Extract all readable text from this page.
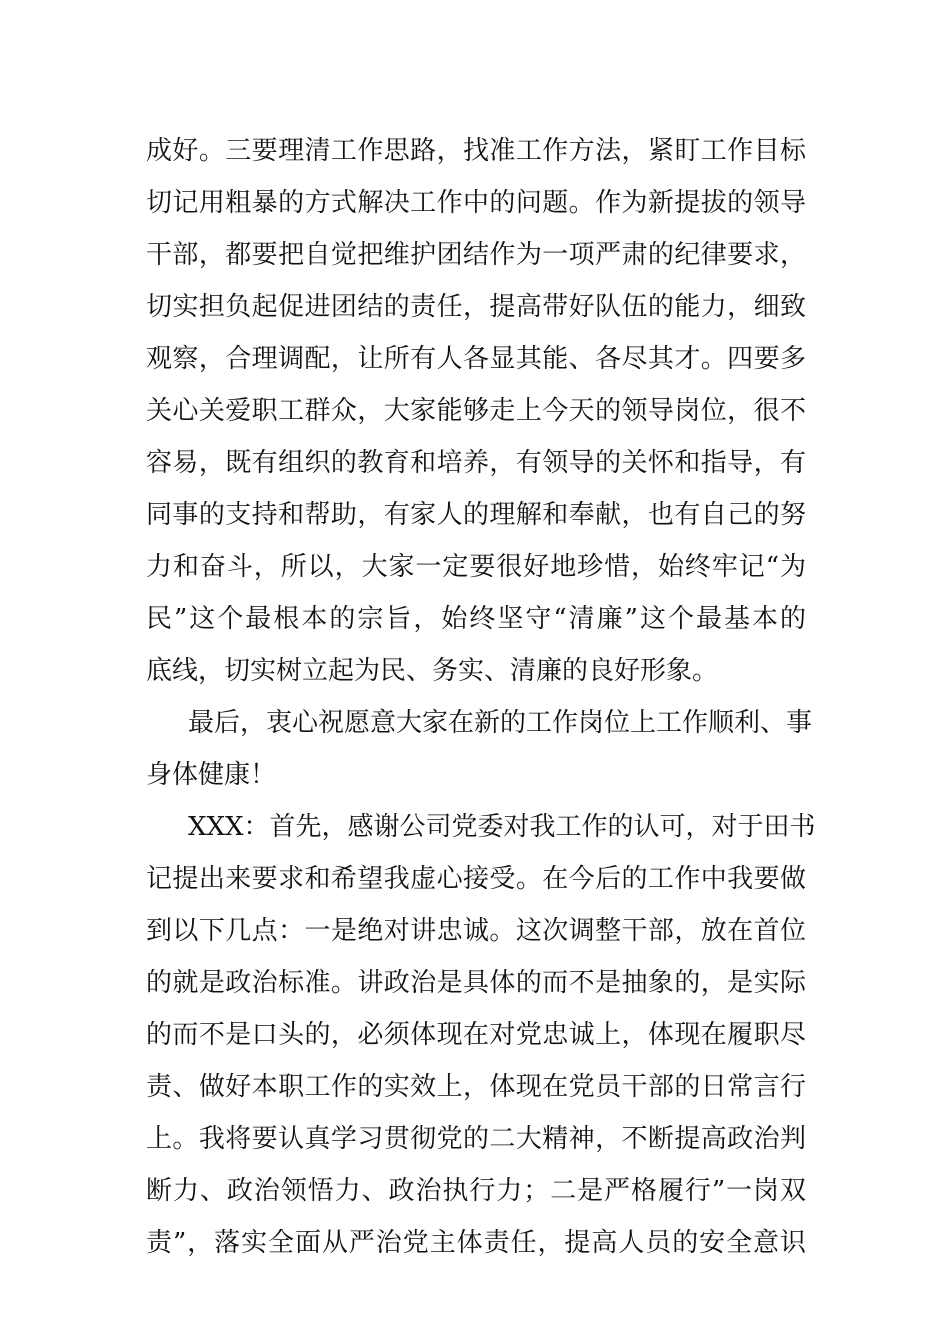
成好。三要理清工作思路，找准工作方法，紧盯工作目标
切记用粗暴的方式解决工作中的问题。作为新提拔的领导
干部，都要把自觉把维护团结作为一项严肃的纪律要求，
切实担负起促进团结的责任，提高带好队伍的能力，细致
观察，合理调配，让所有人各显其能、各尽其才。四要多
关心关爱职工群众，大家能够走上今天的领导岗位，很不
容易，既有组织的教育和培养，有领导的关怀和指导，有
同事的支持和帮助，有家人的理解和奉献，也有自己的努
力和奋斗，所以，大家一定要很好地珍惜，始终牢记“为
民”这个最根本的宗旨，始终坚守“清廉”这个最基本的
底线，切实树立起为民、务实、清廉的良好形象。
最后，衷心祝愿意大家在新的工作岗位上工作顺利、事
身体健康！
XXX：首先，感谢公司党委对我工作的认可，对于田书
记提出来要求和希望我虚心接受。在今后的工作中我要做
到以下几点：一是绝对讲忠诚。这次调整干部，放在首位
的就是政治标准。讲政治是具体的而不是抽象的，是实际
的而不是口头的，必须体现在对党忠诚上，体现在履职尽
责、做好本职工作的实效上，体现在党员干部的日常言行
上。我将要认真学习贯彻党的二大精神，不断提高政治判
断力、政治领悟力、政治执行力；二是严格履行”一岗双
责”，落实全面从严治党主体责任，提高人员的安全意识
